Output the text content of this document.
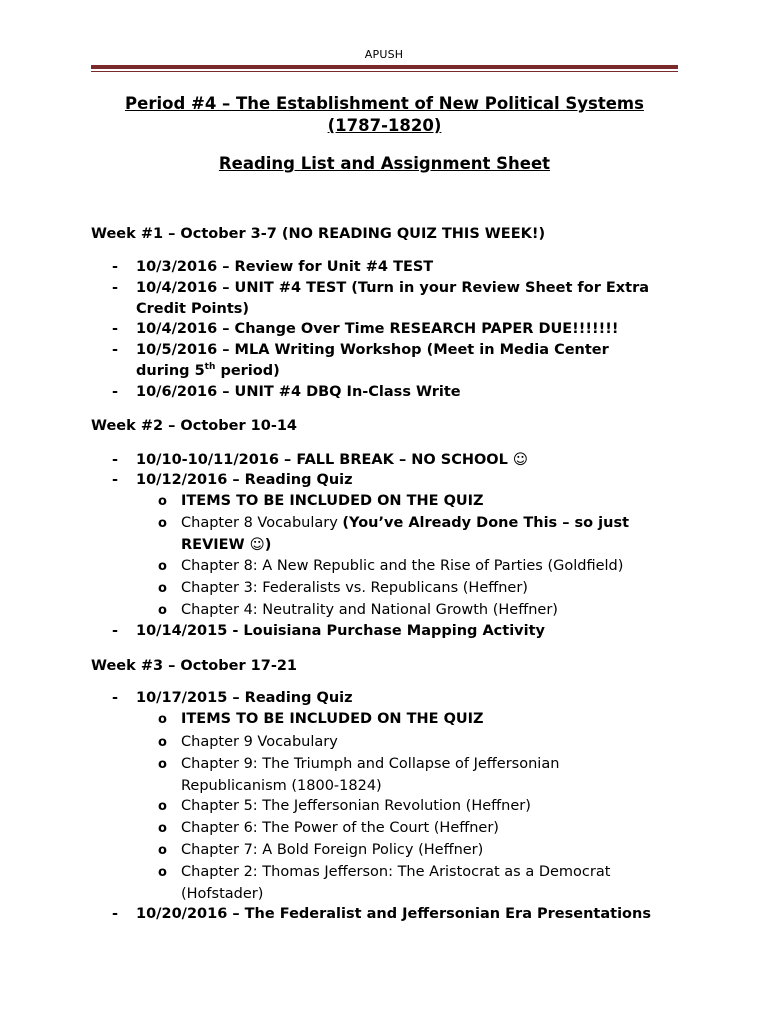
APUSH
Period #4 – The Establishment of New Political Systems
(1787-1820)
Reading List and Assignment Sheet
Week #1 – October 3-7 (NO READING QUIZ THIS WEEK!)
- 10/3/2016 – Review for Unit #4 TEST
- 10/4/2016 – UNIT #4 TEST (Turn in your Review Sheet for Extra
Credit Points)
- 10/4/2016 – Change Over Time RESEARCH PAPER DUE!!!!!!!
- 10/5/2016 – MLA Writing Workshop (Meet in Media Center
during 5th period)
- 10/6/2016 – UNIT #4 DBQ In-Class Write
Week #2 – October 10-14
- 10/10-10/11/2016 – FALL BREAK – NO SCHOOL ☺
- 10/12/2016 – Reading Quiz
o ITEMS TO BE INCLUDED ON THE QUIZ
o Chapter 8 Vocabulary (You’ve Already Done This – so just
REVIEW ☺)
o Chapter 8: A New Republic and the Rise of Parties (Goldfield)
o Chapter 3: Federalists vs. Republicans (Heffner)
o Chapter 4: Neutrality and National Growth (Heffner)
- 10/14/2015 - Louisiana Purchase Mapping Activity
Week #3 – October 17-21
- 10/17/2015 – Reading Quiz
o ITEMS TO BE INCLUDED ON THE QUIZ
o Chapter 9 Vocabulary
o Chapter 9: The Triumph and Collapse of Jeffersonian
Republicanism (1800-1824)
o Chapter 5: The Jeffersonian Revolution (Heffner)
o Chapter 6: The Power of the Court (Heffner)
o Chapter 7: A Bold Foreign Policy (Heffner)
o Chapter 2: Thomas Jefferson: The Aristocrat as a Democrat
(Hofstader)
- 10/20/2016 – The Federalist and Jeffersonian Era Presentations
